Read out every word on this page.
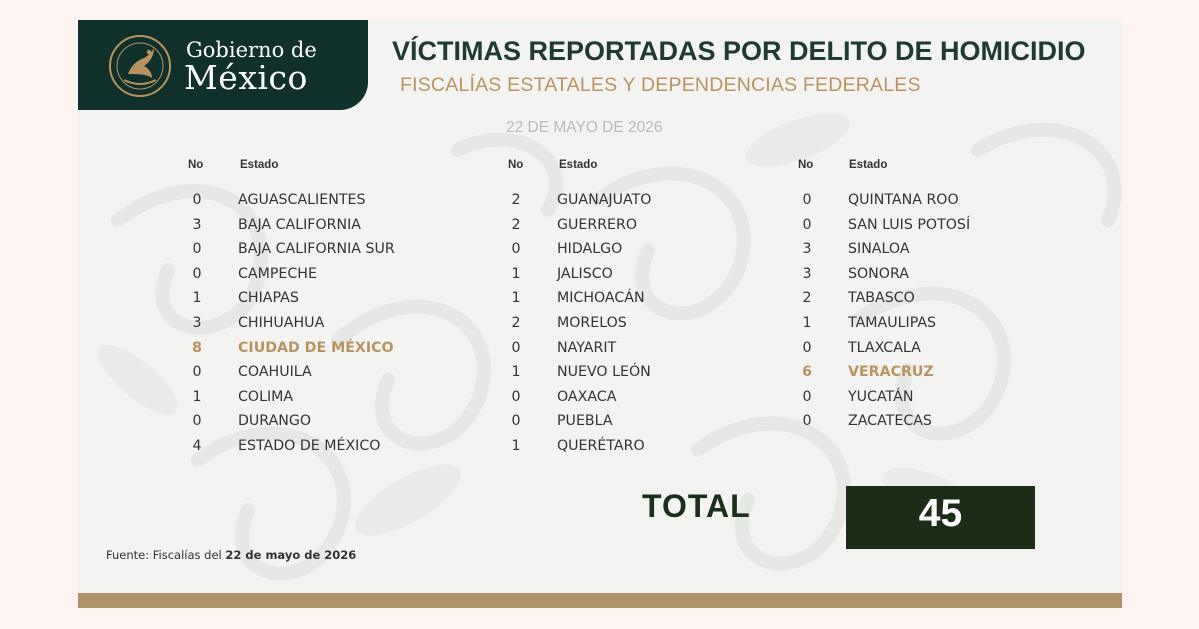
Gobierno de
México
VÍCTIMAS REPORTADAS POR DELITO DE HOMICIDIO
FISCALÍAS ESTATALES Y DEPENDENCIAS FEDERALES
22 DE MAYO DE 2026
No	Estado	No	Estado	No	Estado
0	AGUASCALIENTES
3	BAJA CALIFORNIA
0	BAJA CALIFORNIA SUR
0	CAMPECHE
1	CHIAPAS
3	CHIHUAHUA
8	CIUDAD DE MÉXICO
0	COAHUILA
1	COLIMA
0	DURANGO
4	ESTADO DE MÉXICO
2	GUANAJUATO
2	GUERRERO
0	HIDALGO
1	JALISCO
1	MICHOACÁN
2	MORELOS
0	NAYARIT
1	NUEVO LEÓN
0	OAXACA
0	PUEBLA
1	QUERÉTARO
0	QUINTANA ROO
0	SAN LUIS POTOSÍ
3	SINALOA
3	SONORA
2	TABASCO
1	TAMAULIPAS
0	TLAXCALA
6	VERACRUZ
0	YUCATÁN
0	ZACATECAS
TOTAL	45
Fuente: Fiscalías del 22 de mayo de 2026
